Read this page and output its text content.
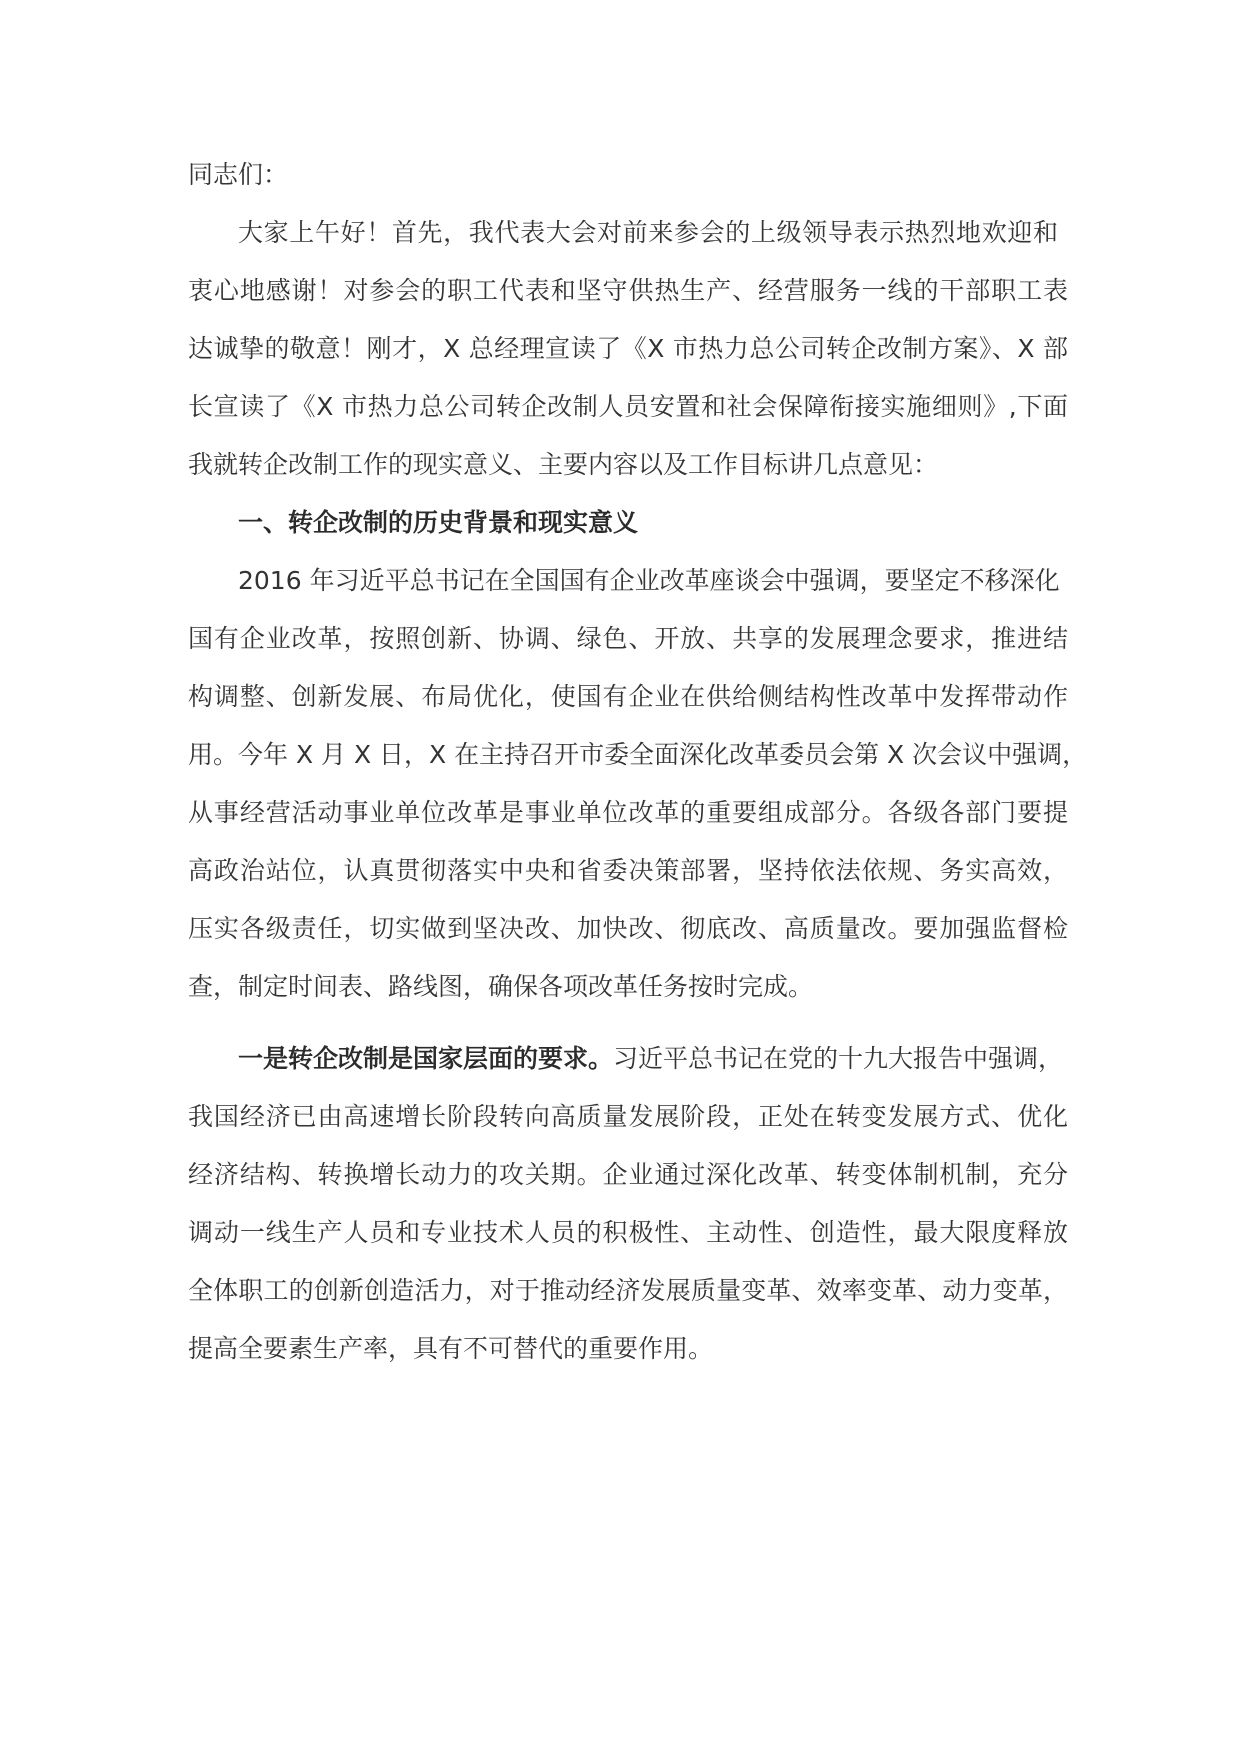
同志们：
大家上午好！首先，我代表大会对前来参会的上级领导表示热烈地欢迎和
衷心地感谢！对参会的职工代表和坚守供热生产、经营服务一线的干部职工表
达诚挚的敬意！刚才，X 总经理宣读了《X 市热力总公司转企改制方案》、X 部
长宣读了《X 市热力总公司转企改制人员安置和社会保障衔接实施细则》,下面
我就转企改制工作的现实意义、主要内容以及工作目标讲几点意见：
一、转企改制的历史背景和现实意义
2016 年习近平总书记在全国国有企业改革座谈会中强调，要坚定不移深化
国有企业改革，按照创新、协调、绿色、开放、共享的发展理念要求，推进结
构调整、创新发展、布局优化，使国有企业在供给侧结构性改革中发挥带动作
用。今年 X 月 X 日，X 在主持召开市委全面深化改革委员会第 X 次会议中强调，
从事经营活动事业单位改革是事业单位改革的重要组成部分。各级各部门要提
高政治站位，认真贯彻落实中央和省委决策部署，坚持依法依规、务实高效，
压实各级责任，切实做到坚决改、加快改、彻底改、高质量改。要加强监督检
查，制定时间表、路线图，确保各项改革任务按时完成。
一是转企改制是国家层面的要求。习近平总书记在党的十九大报告中强调，
我国经济已由高速增长阶段转向高质量发展阶段，正处在转变发展方式、优化
经济结构、转换增长动力的攻关期。企业通过深化改革、转变体制机制，充分
调动一线生产人员和专业技术人员的积极性、主动性、创造性，最大限度释放
全体职工的创新创造活力，对于推动经济发展质量变革、效率变革、动力变革，
提高全要素生产率，具有不可替代的重要作用。
